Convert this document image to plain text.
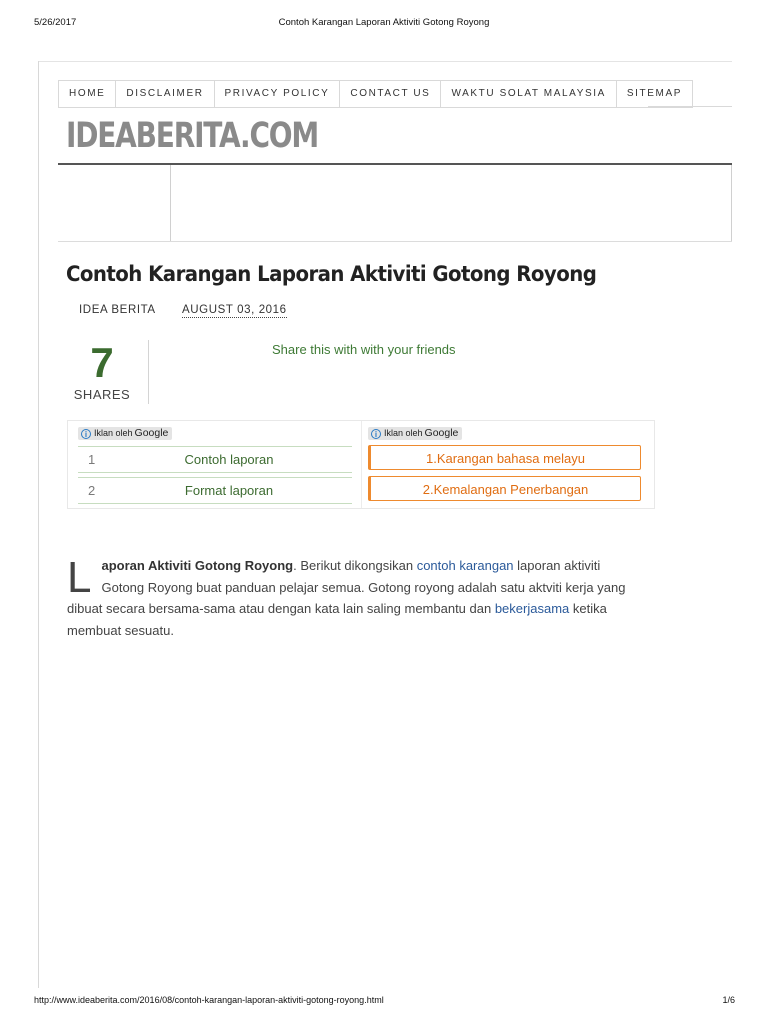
5/26/2017	Contoh Karangan Laporan Aktiviti Gotong Royong
HOME	DISCLAIMER	PRIVACY POLICY	CONTACT US	WAKTU SOLAT MALAYSIA	SITEMAP
IDEABERITA.COM
Contoh Karangan Laporan Aktiviti Gotong Royong
IDEA BERITA AUGUST 03, 2016
7
SHARES
Share this with with your friends
i Iklan oleh Google	i Iklan oleh Google
1	Contoh laporan
2	Format laporan
1.Karangan bahasa melayu
2.Kemalangan Penerbangan
Laporan Aktiviti Gotong Royong. Berikut dikongsikan contoh karangan laporan aktiviti Gotong Royong buat panduan pelajar semua. Gotong royong adalah satu aktviti kerja yang dibuat secara bersama-sama atau dengan kata lain saling membantu dan bekerjasama ketika membuat sesuatu.
http://www.ideaberita.com/2016/08/contoh-karangan-laporan-aktiviti-gotong-royong.html	1/6
